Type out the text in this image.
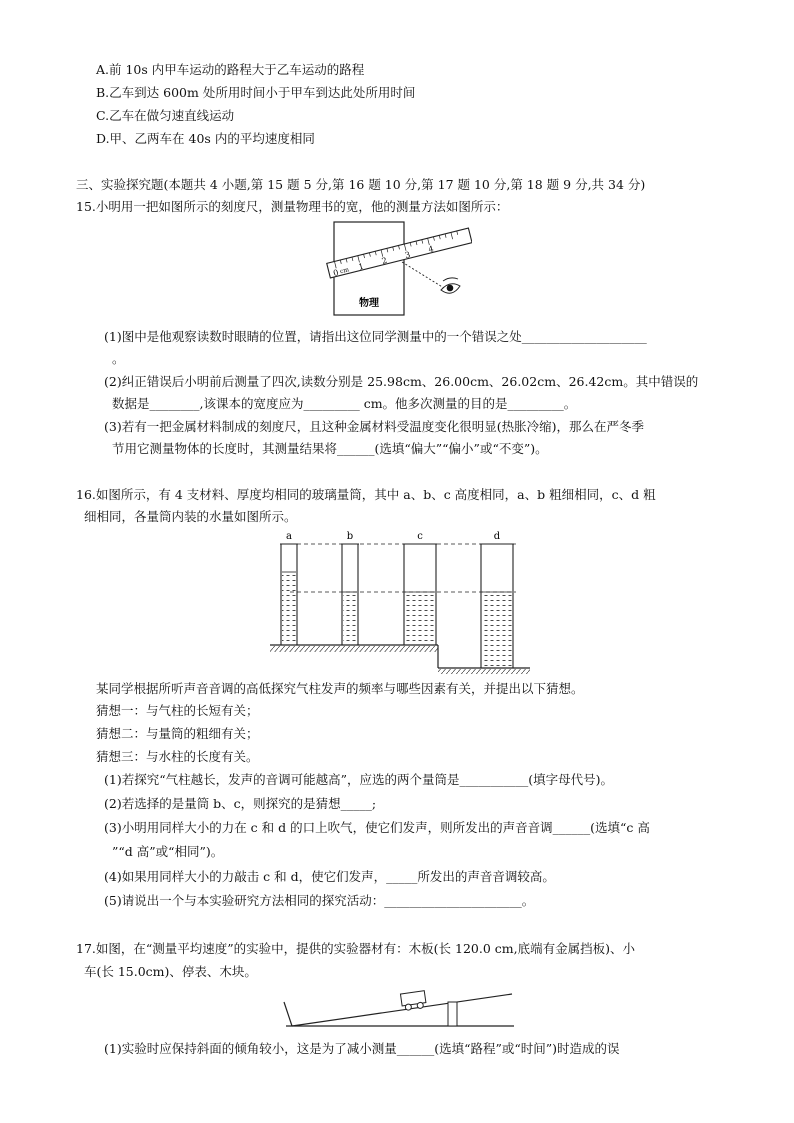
A.前 10s 内甲车运动的路程大于乙车运动的路程
B.乙车到达 600m 处所用时间小于甲车到达此处所用时间
C.乙车在做匀速直线运动
D.甲、乙两车在 40s 内的平均速度相同
三、实验探究题(本题共 4 小题,第 15 题 5 分,第 16 题 10 分,第 17 题 10 分,第 18 题 9 分,共 34 分)
15.小明用一把如图所示的刻度尺，测量物理书的宽，他的测量方法如图所示：
物理
0 cm 1
2
3
4
(1)图中是他观察读数时眼睛的位置，请指出这位同学测量中的一个错误之处____________________
。
(2)纠正错误后小明前后测量了四次,读数分别是 25.98cm、26.00cm、26.02cm、26.42cm。其中错误的
数据是________,该课本的宽度应为_________ cm。他多次测量的目的是_________。
(3)若有一把金属材料制成的刻度尺，且这种金属材料受温度变化很明显(热胀冷缩)，那么在严冬季
节用它测量物体的长度时，其测量结果将______(选填“偏大”“偏小”或“不变”)。
16.如图所示，有 4 支材料、厚度均相同的玻璃量筒，其中 a、b、c 高度相同，a、b 粗细相同，c、d 粗
细相同，各量筒内装的水量如图所示。
a	b	c	d
某同学根据所听声音音调的高低探究气柱发声的频率与哪些因素有关，并提出以下猜想。
猜想一：与气柱的长短有关；
猜想二：与量筒的粗细有关；
猜想三：与水柱的长度有关。
(1)若探究“气柱越长，发声的音调可能越高”，应选的两个量筒是___________(填字母代号)。
(2)若选择的是量筒 b、c，则探究的是猜想_____;
(3)小明用同样大小的力在 c 和 d 的口上吹气，使它们发声，则所发出的声音音调______(选填“c 高
”“d 高”或“相同”)。
(4)如果用同样大小的力敲击 c 和 d，使它们发声，_____所发出的声音音调较高。
(5)请说出一个与本实验研究方法相同的探究活动：______________________。
17.如图，在“测量平均速度”的实验中，提供的实验器材有：木板(长 120.0 cm,底端有金属挡板)、小
车(长 15.0cm)、停表、木块。
(1)实验时应保持斜面的倾角较小，这是为了减小测量______(选填“路程”或“时间”)时造成的误
